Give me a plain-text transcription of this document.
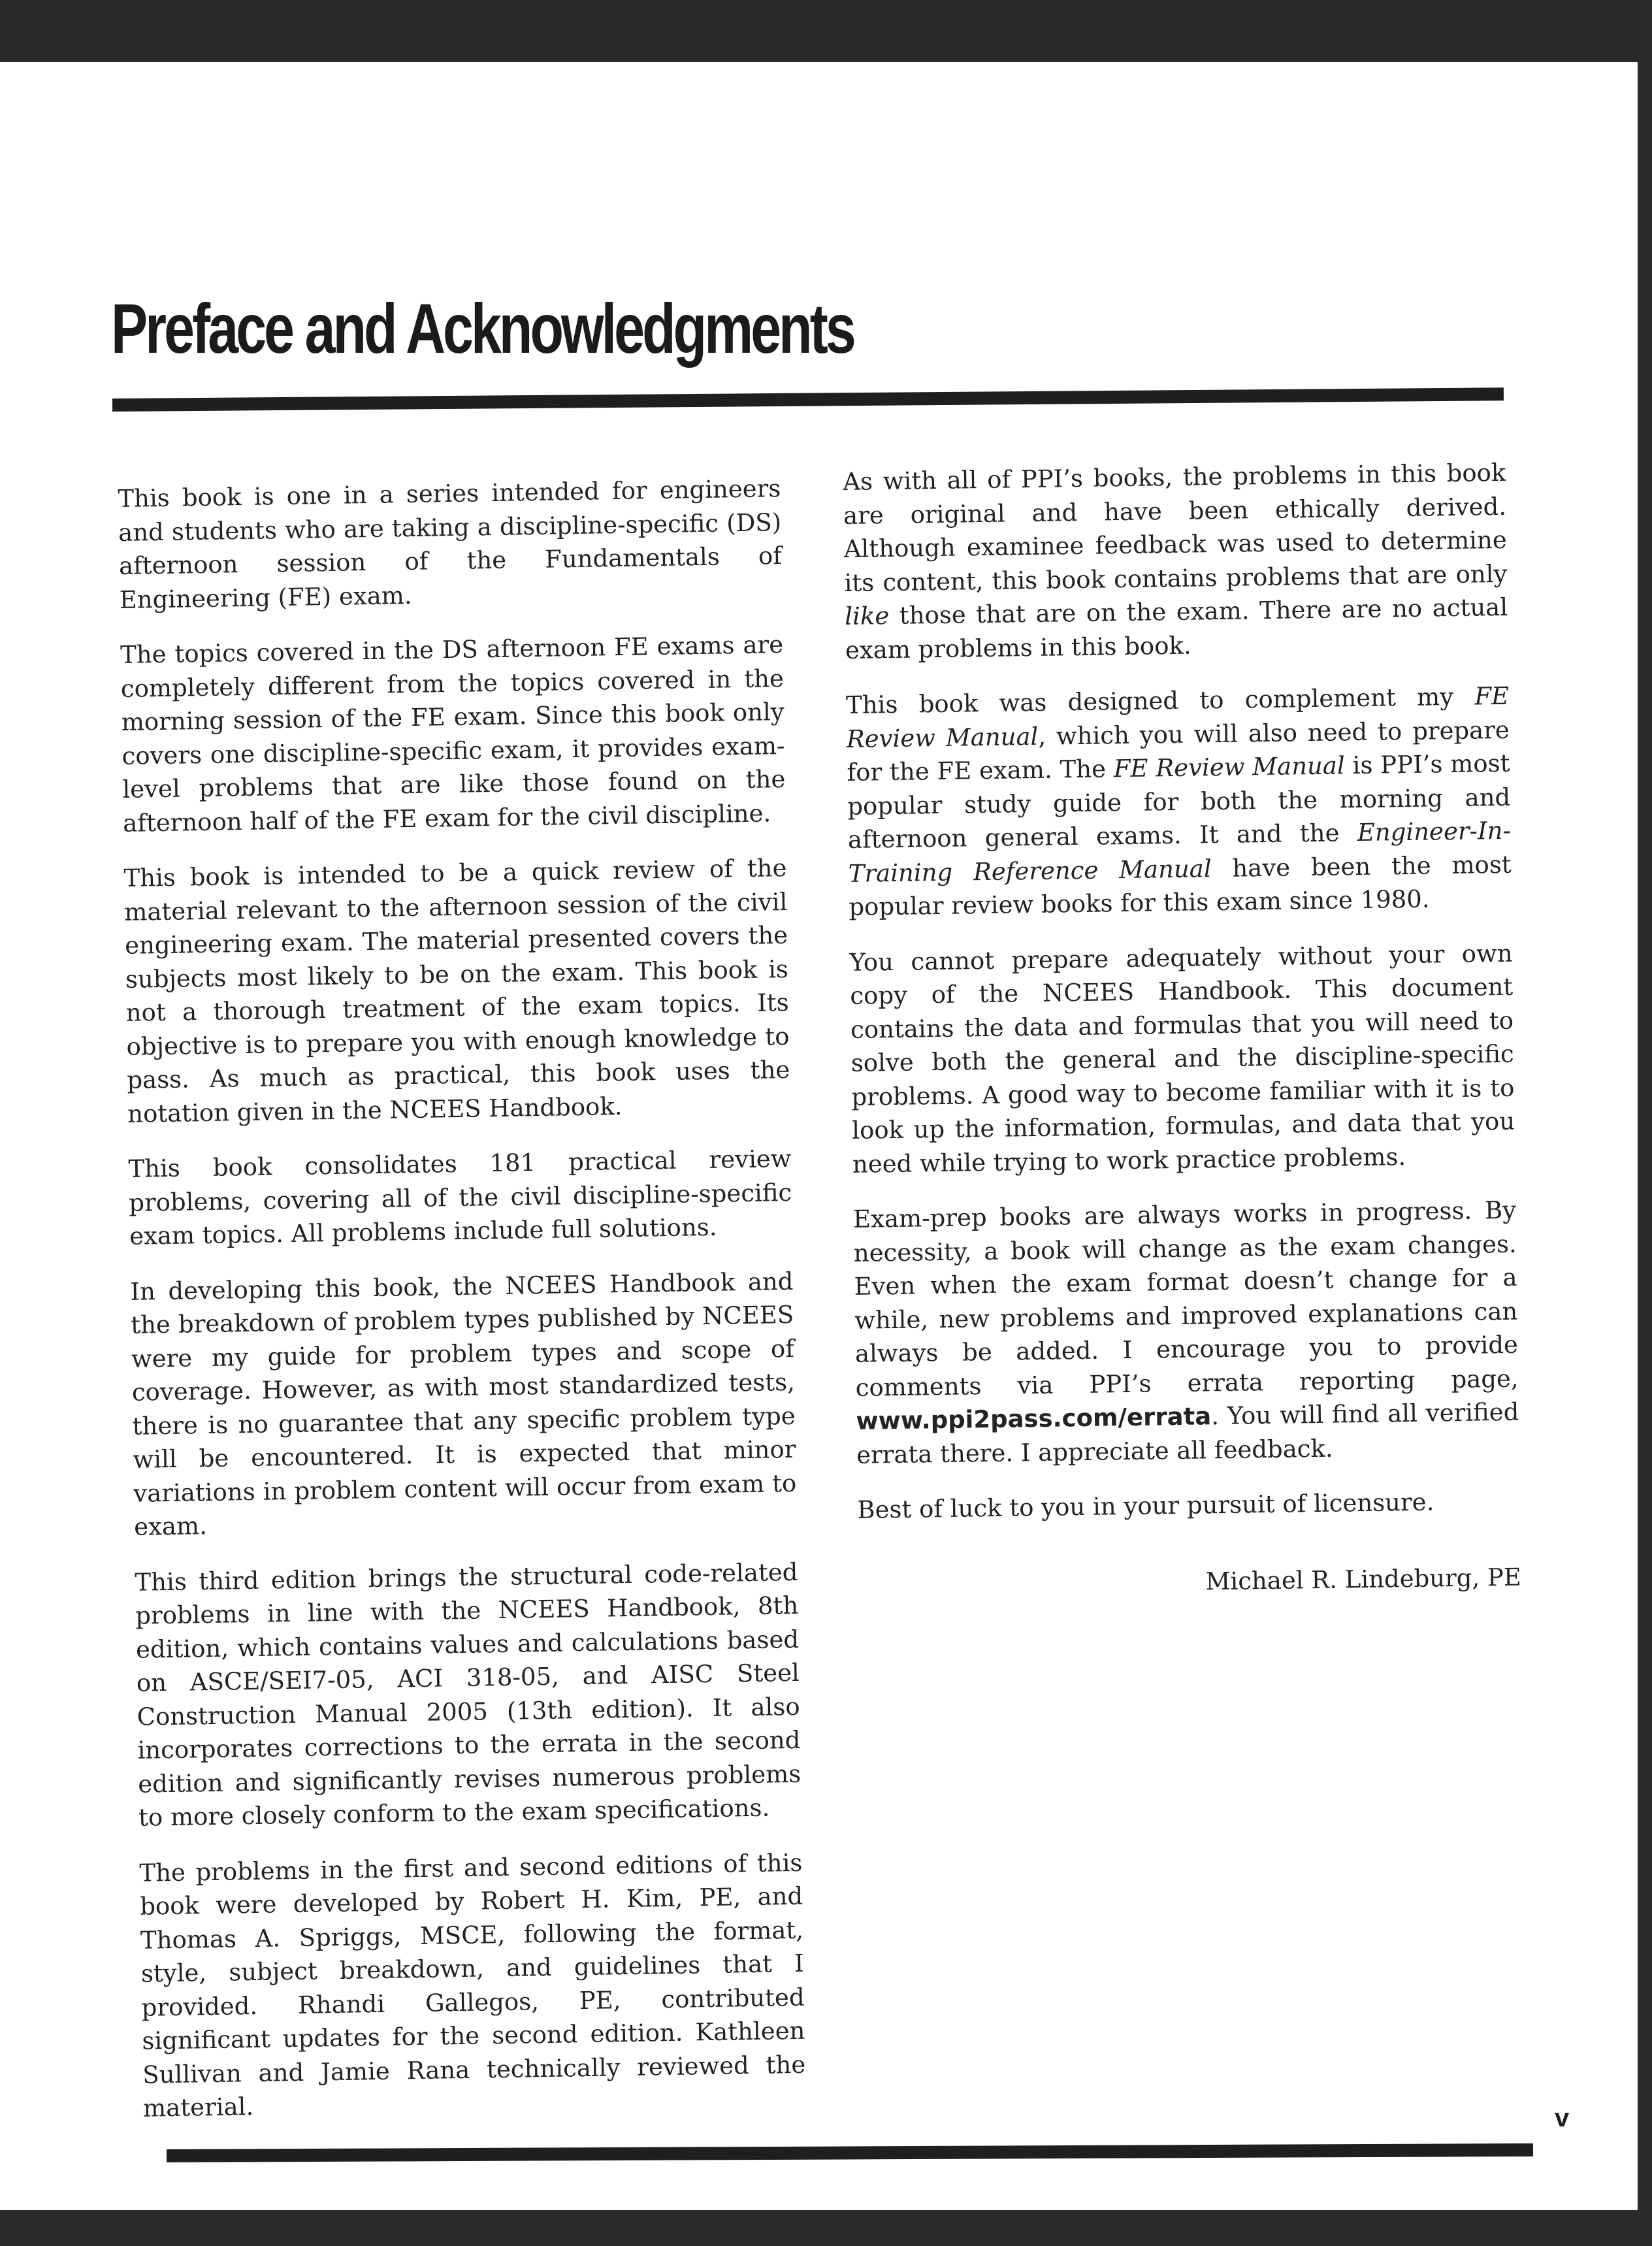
Preface and Acknowledgments

This book is one in a series intended for engineers and students who are taking a discipline-specific (DS) afternoon session of the Fundamentals of Engineering (FE) exam.

The topics covered in the DS afternoon FE exams are completely different from the topics covered in the morning session of the FE exam. Since this book only covers one discipline-specific exam, it provides exam-level problems that are like those found on the afternoon half of the FE exam for the civil discipline.

This book is intended to be a quick review of the material relevant to the afternoon session of the civil engineering exam. The material presented covers the subjects most likely to be on the exam. This book is not a thorough treatment of the exam topics. Its objective is to prepare you with enough knowledge to pass. As much as practical, this book uses the notation given in the NCEES Handbook.

This book consolidates 181 practical review problems, covering all of the civil discipline-specific exam topics. All problems include full solutions.

In developing this book, the NCEES Handbook and the breakdown of problem types published by NCEES were my guide for problem types and scope of coverage. However, as with most standardized tests, there is no guarantee that any specific problem type will be encountered. It is expected that minor variations in problem content will occur from exam to exam.

This third edition brings the structural code-related problems in line with the NCEES Handbook, 8th edition, which contains values and calculations based on ASCE/SEI7-05, ACI 318-05, and AISC Steel Construction Manual 2005 (13th edition). It also incorporates corrections to the errata in the second edition and significantly revises numerous problems to more closely conform to the exam specifications.

The problems in the first and second editions of this book were developed by Robert H. Kim, PE, and Thomas A. Spriggs, MSCE, following the format, style, subject breakdown, and guidelines that I provided. Rhandi Gallegos, PE, contributed significant updates for the second edition. Kathleen Sullivan and Jamie Rana technically reviewed the material.

As with all of PPI’s books, the problems in this book are original and have been ethically derived. Although examinee feedback was used to determine its content, this book contains problems that are only like those that are on the exam. There are no actual exam problems in this book.

This book was designed to complement my FE Review Manual, which you will also need to prepare for the FE exam. The FE Review Manual is PPI’s most popular study guide for both the morning and afternoon general exams. It and the Engineer-In-Training Reference Manual have been the most popular review books for this exam since 1980.

You cannot prepare adequately without your own copy of the NCEES Handbook. This document contains the data and formulas that you will need to solve both the general and the discipline-specific problems. A good way to become familiar with it is to look up the information, formulas, and data that you need while trying to work practice problems.

Exam-prep books are always works in progress. By necessity, a book will change as the exam changes. Even when the exam format doesn’t change for a while, new problems and improved explanations can always be added. I encourage you to provide comments via PPI’s errata reporting page, www.ppi2pass.com/errata. You will find all verified errata there. I appreciate all feedback.

Best of luck to you in your pursuit of licensure.

Michael R. Lindeburg, PE

v
